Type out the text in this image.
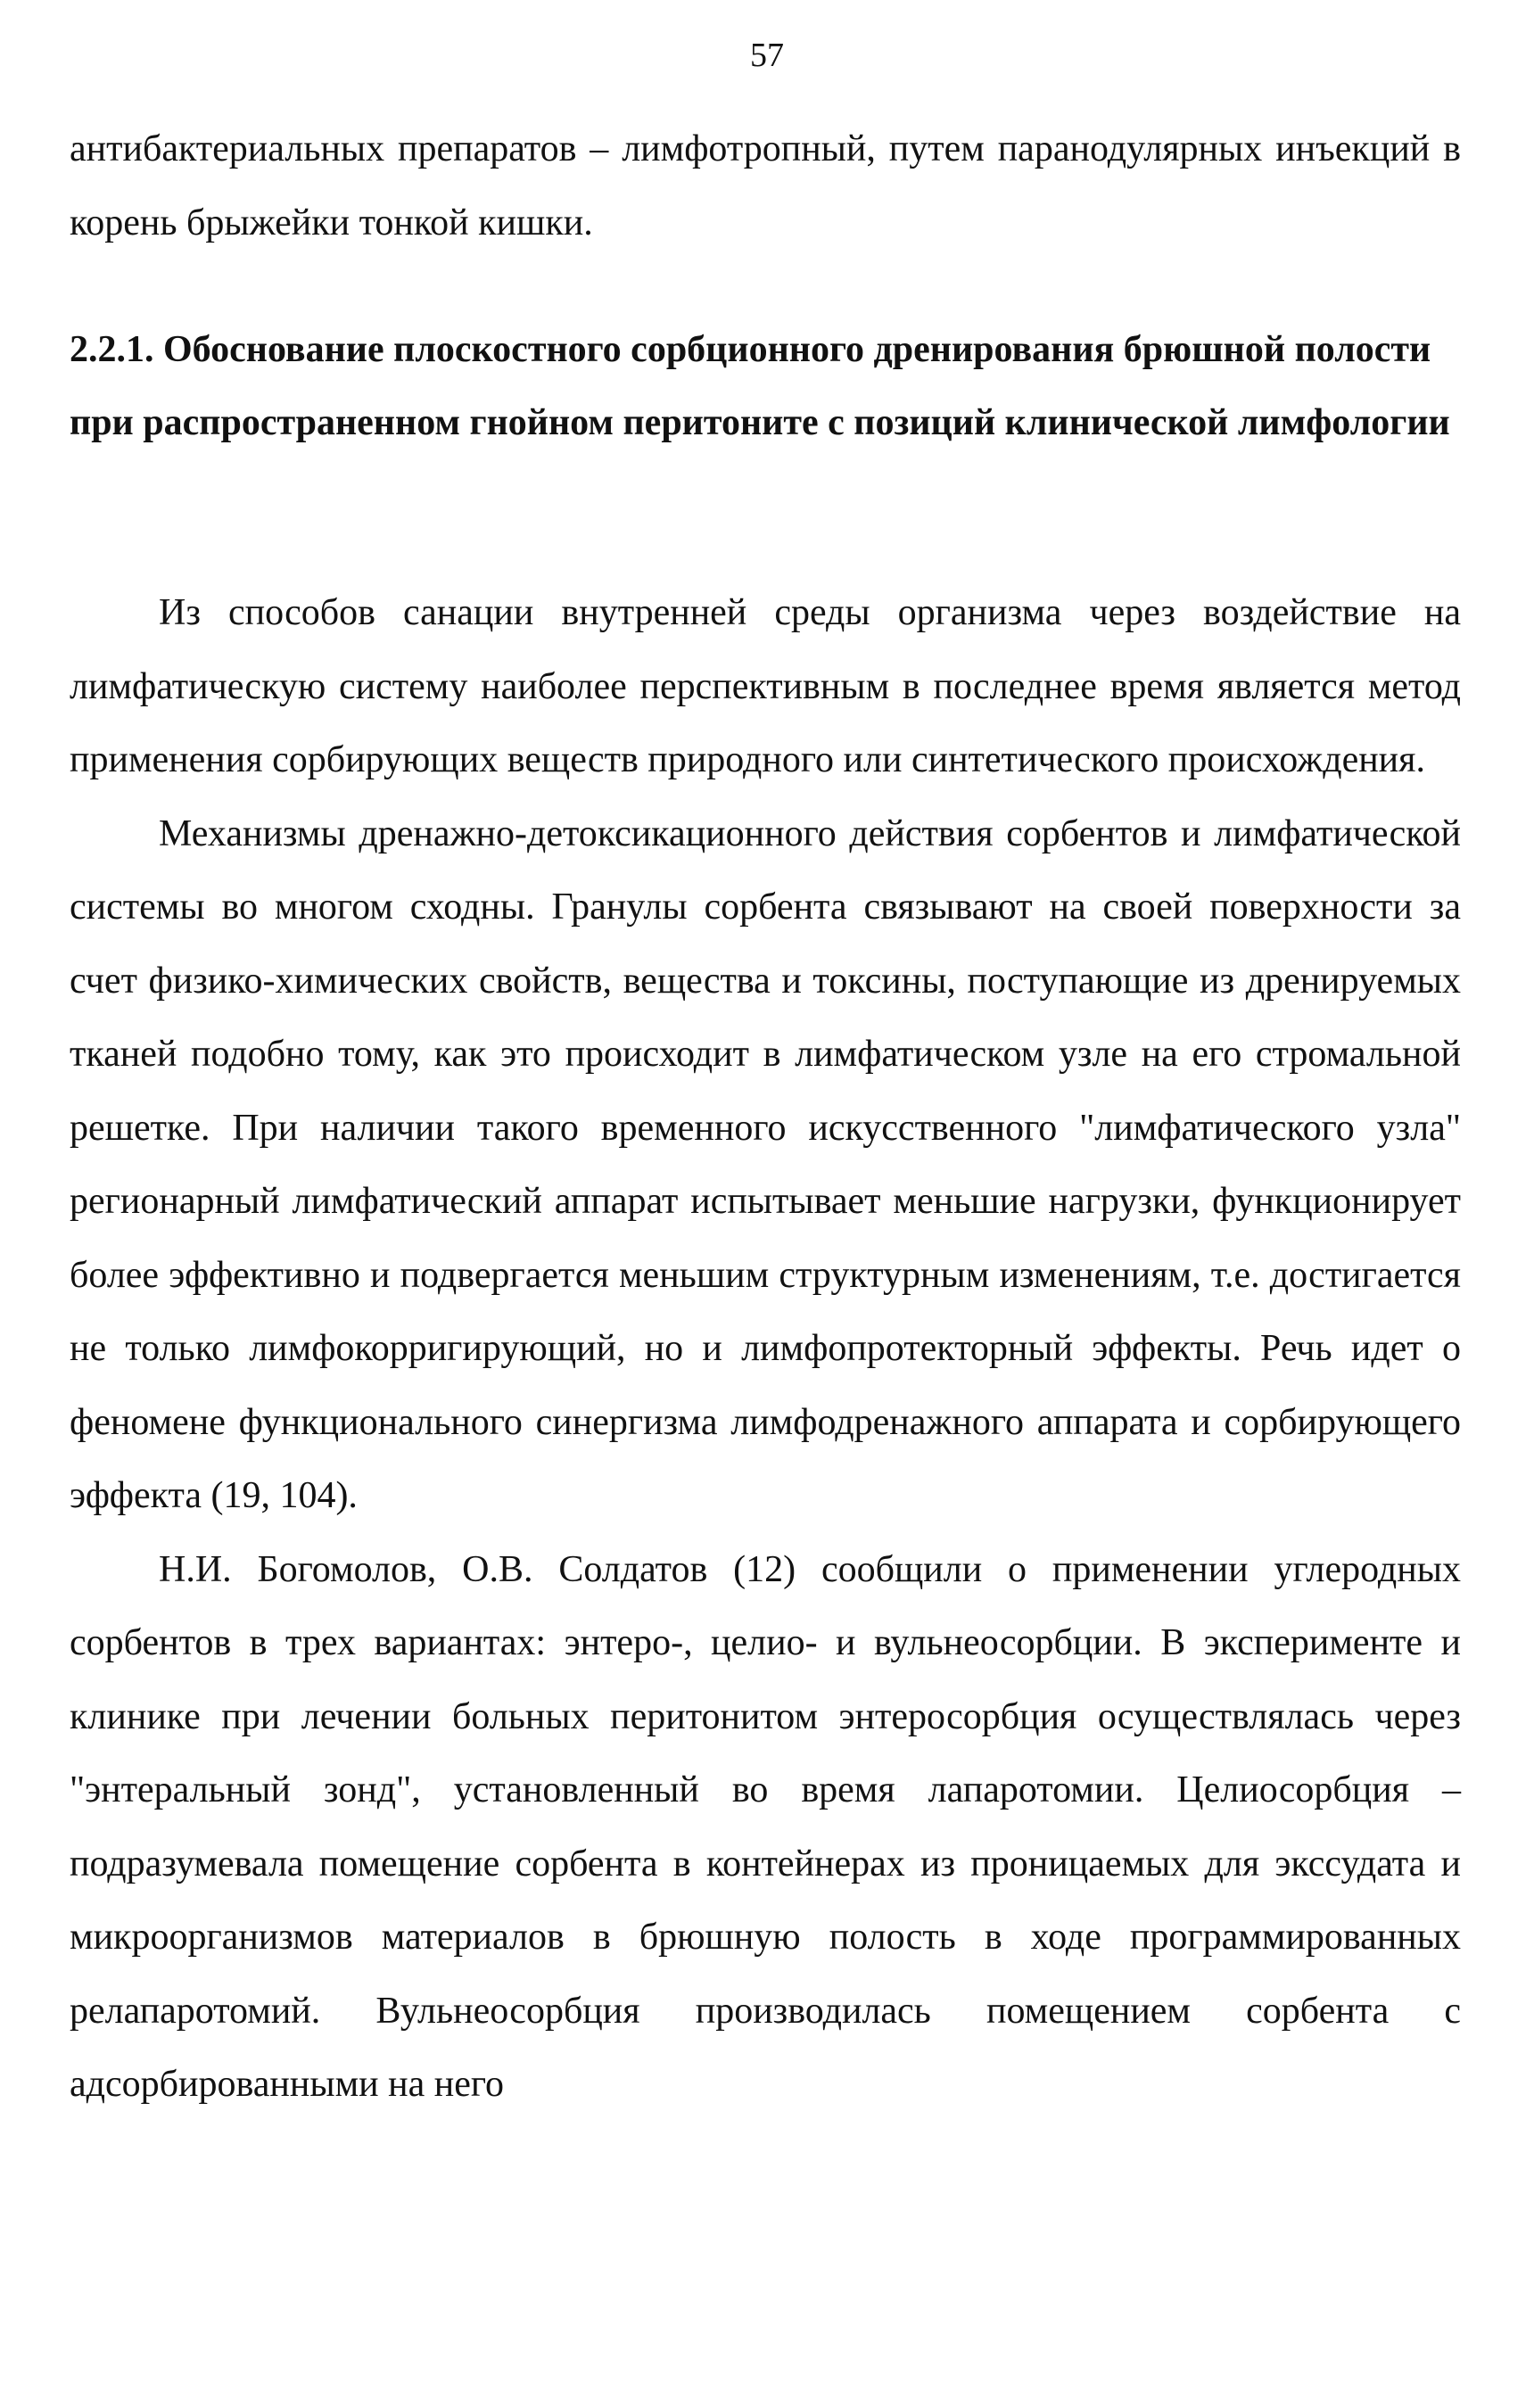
57

антибактериальных препаратов – лимфотропный, путем паранодулярных инъекций в корень брыжейки тонкой кишки.

2.2.1. Обоснование плоскостного сорбционного дренирования брюшной полости при распространенном гнойном перитоните с позиций клинической лимфологии

Из способов санации внутренней среды организма через воздействие на лимфатическую систему наиболее перспективным в последнее время является метод применения сорбирующих веществ природного или синтетического происхождения.

Механизмы дренажно-детоксикационного действия сорбентов и лимфатической системы во многом сходны. Гранулы сорбента связывают на своей поверхности за счет физико-химических свойств, вещества и токсины, поступающие из дренируемых тканей подобно тому, как это происходит в лимфатическом узле на его стромальной решетке. При наличии такого временного искусственного "лимфатического узла" регионарный лимфатический аппарат испытывает меньшие нагрузки, функционирует более эффективно и подвергается меньшим структурным изменениям, т.е. достигается не только лимфокорригирующий, но и лимфопротекторный эффекты. Речь идет о феномене функционального синергизма лимфодренажного аппарата и сорбирующего эффекта (19, 104).

Н.И. Богомолов, О.В. Солдатов (12) сообщили о применении углеродных сорбентов в трех вариантах: энтеро-, целио- и вульнеосорбции. В эксперименте и клинике при лечении больных перитонитом энтеросорбция осуществлялась через "энтеральный зонд", установленный во время лапаротомии. Целиосорбция – подразумевала помещение сорбента в контейнерах из проницаемых для экссудата и микроорганизмов материалов в брюшную полость в ходе программированных релапаротомий. Вульнеосорбция производилась помещением сорбента с адсорбированными на него
